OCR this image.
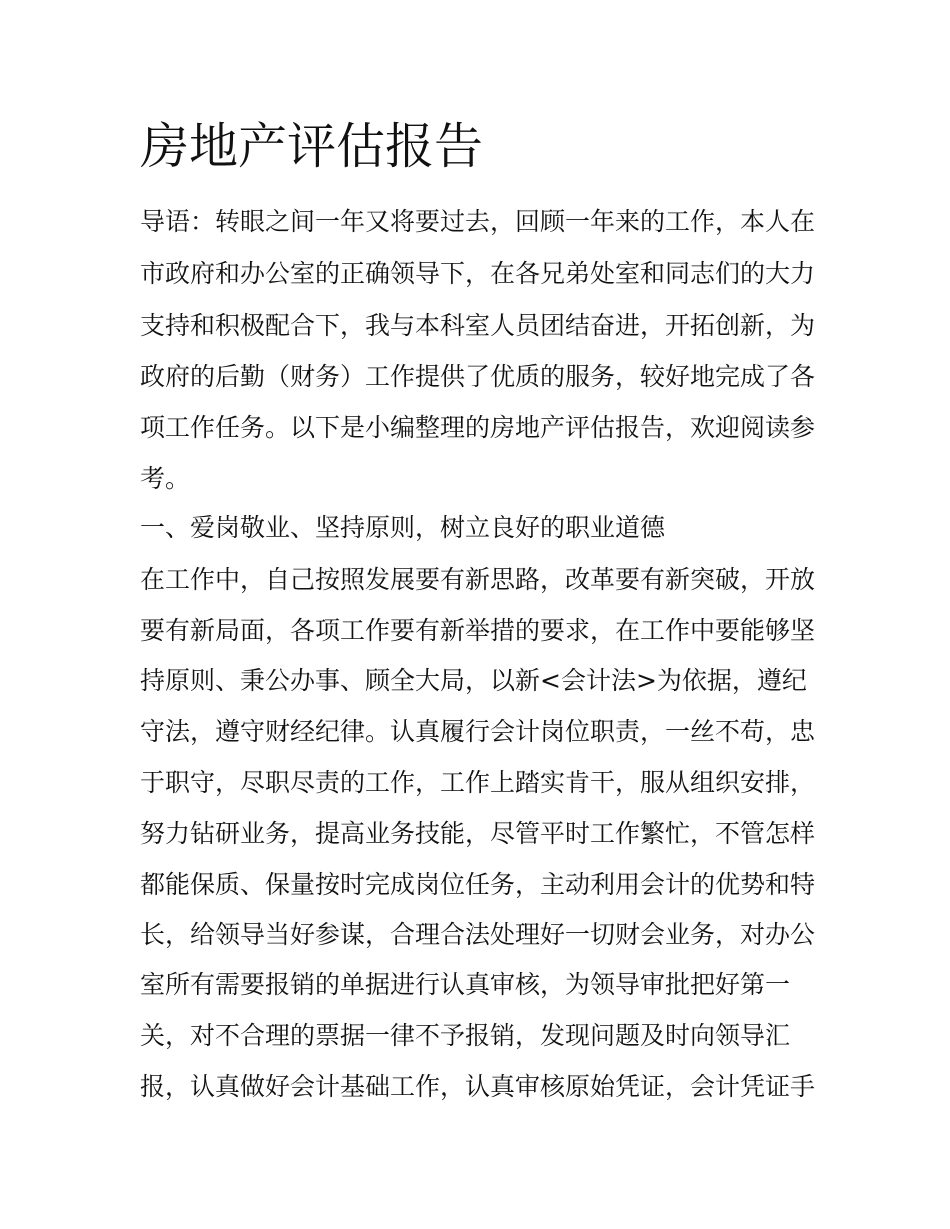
房地产评估报告

导语：转眼之间一年又将要过去，回顾一年来的工作，本人在

市政府和办公室的正确领导下，在各兄弟处室和同志们的大力

支持和积极配合下，我与本科室人员团结奋进，开拓创新，为

政府的后勤（财务）工作提供了优质的服务，较好地完成了各

项工作任务。以下是小编整理的房地产评估报告，欢迎阅读参

考。

一、爱岗敬业、坚持原则，树立良好的职业道德

在工作中，自己按照发展要有新思路，改革要有新突破，开放

要有新局面，各项工作要有新举措的要求，在工作中要能够坚

持原则、秉公办事、顾全大局，以新<会计法>为依据，遵纪

守法，遵守财经纪律。认真履行会计岗位职责，一丝不苟，忠

于职守，尽职尽责的工作，工作上踏实肯干，服从组织安排，

努力钻研业务，提高业务技能，尽管平时工作繁忙，不管怎样

都能保质、保量按时完成岗位任务，主动利用会计的优势和特

长，给领导当好参谋，合理合法处理好一切财会业务，对办公

室所有需要报销的单据进行认真审核，为领导审批把好第一

关，对不合理的票据一律不予报销，发现问题及时向领导汇

报，认真做好会计基础工作，认真审核原始凭证，会计凭证手
